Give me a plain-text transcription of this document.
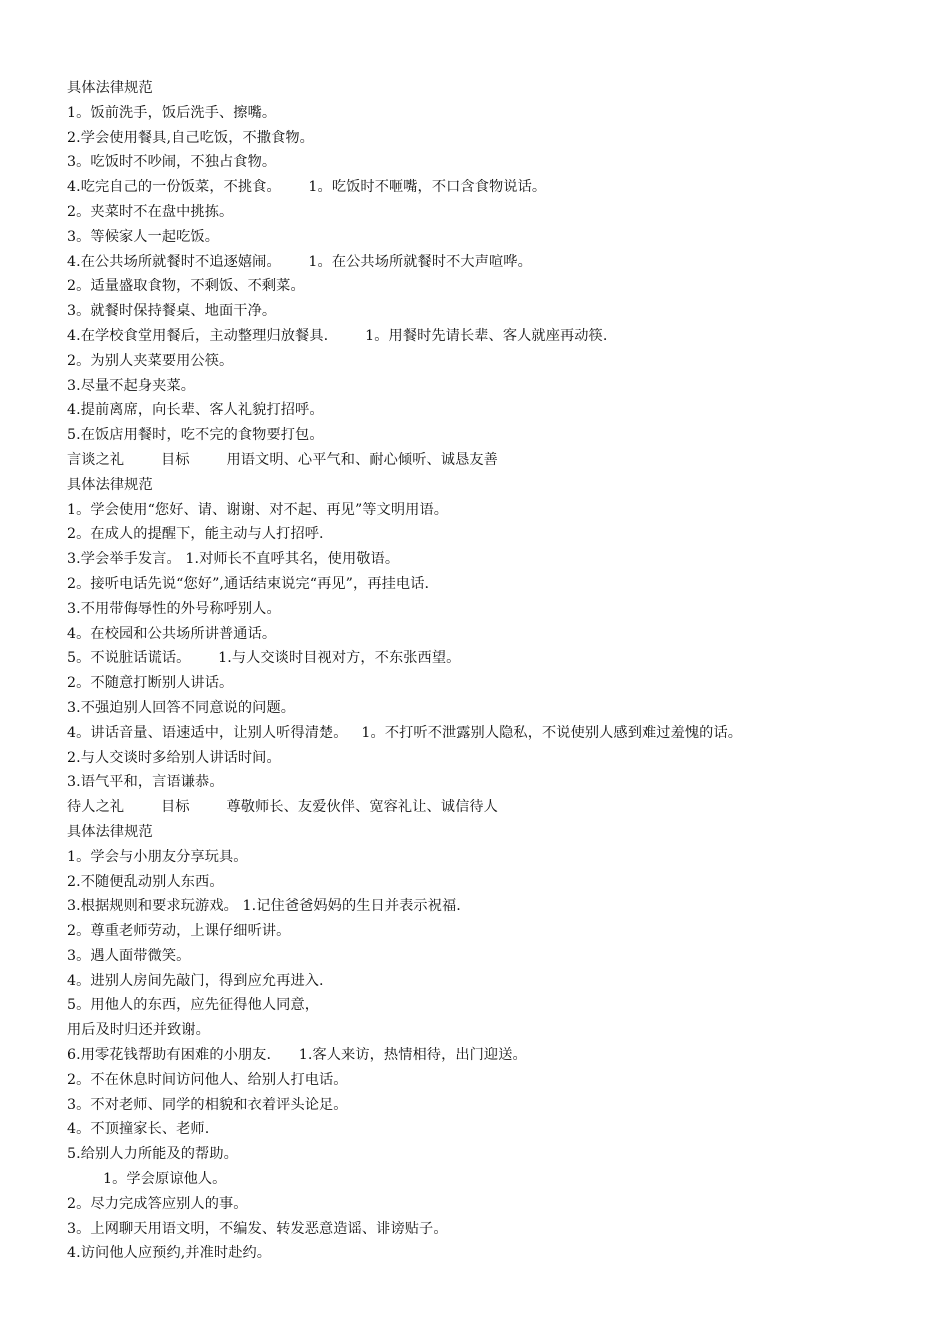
具体法律规范
1。饭前洗手，饭后洗手、擦嘴。
2.学会使用餐具,自己吃饭，不撒食物。
3。吃饭时不吵闹，不独占食物。
4.吃完自己的一份饭菜，不挑食。      1。吃饭时不咂嘴，不口含食物说话。
2。夹菜时不在盘中挑拣。
3。等候家人一起吃饭。
4.在公共场所就餐时不追逐嬉闹。      1。在公共场所就餐时不大声喧哗。
2。适量盛取食物，不剩饭、不剩菜。
3。就餐时保持餐桌、地面干净。
4.在学校食堂用餐后，主动整理归放餐具.        1。用餐时先请长辈、客人就座再动筷.
2。为别人夹菜要用公筷。
3.尽量不起身夹菜。
4.提前离席，向长辈、客人礼貌打招呼。
5.在饭店用餐时，吃不完的食物要打包。
言谈之礼        目标        用语文明、心平气和、耐心倾听、诚恳友善
具体法律规范
1。学会使用“您好、请、谢谢、对不起、再见”等文明用语。
2。在成人的提醒下，能主动与人打招呼.
3.学会举手发言。 1.对师长不直呼其名，使用敬语。
2。接听电话先说“您好”,通话结束说完“再见”，再挂电话.
3.不用带侮辱性的外号称呼别人。
4。在校园和公共场所讲普通话。
5。不说脏话谎话。      1.与人交谈时目视对方，不东张西望。
2。不随意打断别人讲话。
3.不强迫别人回答不同意说的问题。
4。讲话音量、语速适中，让别人听得清楚。   1。不打听不泄露别人隐私，不说使别人感到难过羞愧的话。
2.与人交谈时多给别人讲话时间。
3.语气平和，言语谦恭。
待人之礼        目标        尊敬师长、友爱伙伴、宽容礼让、诚信待人
具体法律规范
1。学会与小朋友分享玩具。
2.不随便乱动别人东西。
3.根据规则和要求玩游戏。 1.记住爸爸妈妈的生日并表示祝福.
2。尊重老师劳动，上课仔细听讲。
3。遇人面带微笑。
4。进别人房间先敲门，得到应允再进入.
5。用他人的东西，应先征得他人同意，
用后及时归还并致谢。
6.用零花钱帮助有困难的小朋友.      1.客人来访，热情相待，出门迎送。
2。不在休息时间访问他人、给别人打电话。
3。不对老师、同学的相貌和衣着评头论足。
4。不顶撞家长、老师.
5.给别人力所能及的帮助。
1。学会原谅他人。
2。尽力完成答应别人的事。
3。上网聊天用语文明，不编发、转发恶意造谣、诽谤贴子。
4.访问他人应预约,并准时赴约。
